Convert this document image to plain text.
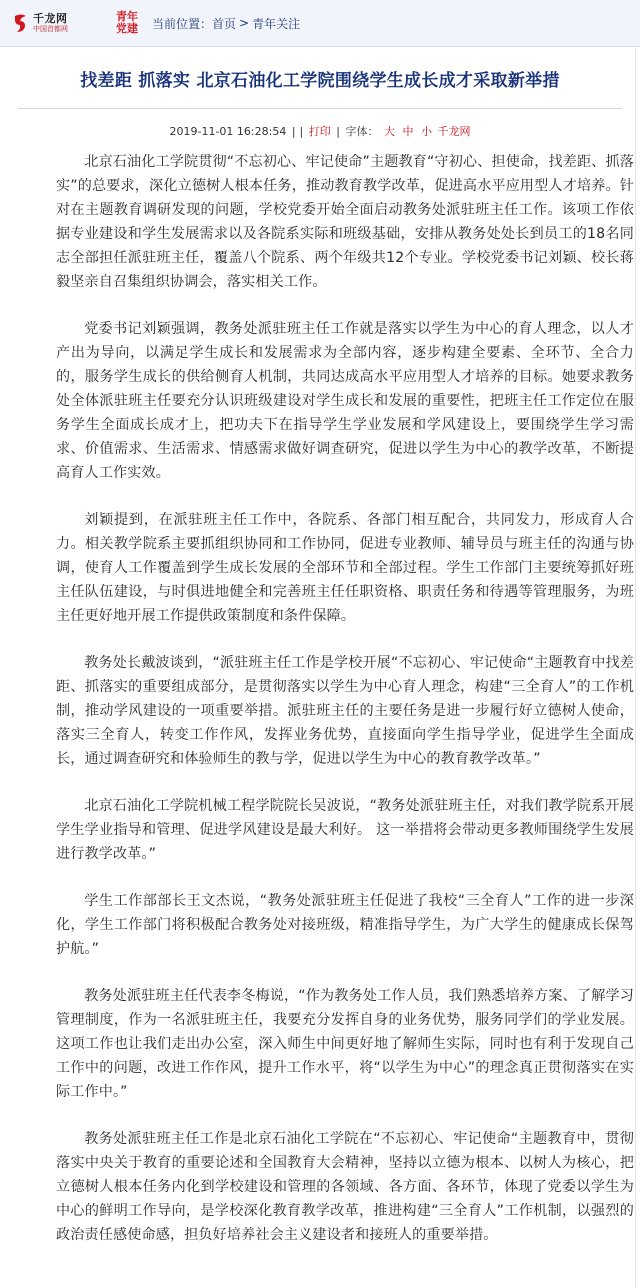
千龙网
中国首都网
青年
党建 当前位置： 首页 > 青年关注
找差距 抓落实 北京石油化工学院围绕学生成长成才采取新举措
2019-11-01 16:28:54 | | 打印 | 字体： 大 中 小 千龙网

北京石油化工学院贯彻“不忘初心、牢记使命”主题教育“守初心、担使命，找差距、抓落实”的总要求，深化立德树人根本任务，推动教育教学改革，促进高水平应用型人才培养。针对在主题教育调研发现的问题，学校党委开始全面启动教务处派驻班主任工作。该项工作依据专业建设和学生发展需求以及各院系实际和班级基础，安排从教务处处长到员工的18名同志全部担任派驻班主任，覆盖八个院系、两个年级共12个专业。学校党委书记刘颖、校长蒋毅坚亲自召集组织协调会，落实相关工作。

党委书记刘颖强调，教务处派驻班主任工作就是落实以学生为中心的育人理念，以人才产出为导向，以满足学生成长和发展需求为全部内容，逐步构建全要素、全环节、全合力的，服务学生成长的供给侧育人机制，共同达成高水平应用型人才培养的目标。她要求教务处全体派驻班主任要充分认识班级建设对学生成长和发展的重要性，把班主任工作定位在服务学生全面成长成才上，把功夫下在指导学生学业发展和学风建设上，要围绕学生学习需求、价值需求、生活需求、情感需求做好调查研究，促进以学生为中心的教学改革，不断提高育人工作实效。

刘颖提到，在派驻班主任工作中，各院系、各部门相互配合，共同发力，形成育人合力。相关教学院系主要抓组织协同和工作协同，促进专业教师、辅导员与班主任的沟通与协调，使育人工作覆盖到学生成长发展的全部环节和全部过程。学生工作部门主要统筹抓好班主任队伍建设，与时俱进地健全和完善班主任任职资格、职责任务和待遇等管理服务，为班主任更好地开展工作提供政策制度和条件保障。

教务处长戴波谈到，“派驻班主任工作是学校开展“不忘初心、牢记使命“主题教育中找差距、抓落实的重要组成部分，是贯彻落实以学生为中心育人理念，构建“三全育人”的工作机制，推动学风建设的一项重要举措。派驻班主任的主要任务是进一步履行好立德树人使命，落实三全育人，转变工作作风，发挥业务优势，直接面向学生指导学业，促进学生全面成长，通过调查研究和体验师生的教与学，促进以学生为中心的教育教学改革。”

北京石油化工学院机械工程学院院长吴波说，“教务处派驻班主任，对我们教学院系开展学生学业指导和管理、促进学风建设是最大利好。 这一举措将会带动更多教师围绕学生发展进行教学改革。”

学生工作部部长王文杰说，“教务处派驻班主任促进了我校“三全育人”工作的进一步深化，学生工作部门将积极配合教务处对接班级，精准指导学生，为广大学生的健康成长保驾护航。”

教务处派驻班主任代表李冬梅说，“作为教务处工作人员，我们熟悉培养方案、了解学习管理制度，作为一名派驻班主任，我要充分发挥自身的业务优势，服务同学们的学业发展。这项工作也让我们走出办公室，深入师生中间更好地了解师生实际，同时也有利于发现自己工作中的问题，改进工作作风，提升工作水平，将“以学生为中心”的理念真正贯彻落实在实际工作中。”

教务处派驻班主任工作是北京石油化工学院在“不忘初心、牢记使命“主题教育中，贯彻落实中央关于教育的重要论述和全国教育大会精神，坚持以立德为根本、以树人为核心，把立德树人根本任务内化到学校建设和管理的各领域、各方面、各环节，体现了党委以学生为中心的鲜明工作导向，是学校深化教育教学改革，推进构建“三全育人”工作机制，以强烈的政治责任感使命感，担负好培养社会主义建设者和接班人的重要举措。
